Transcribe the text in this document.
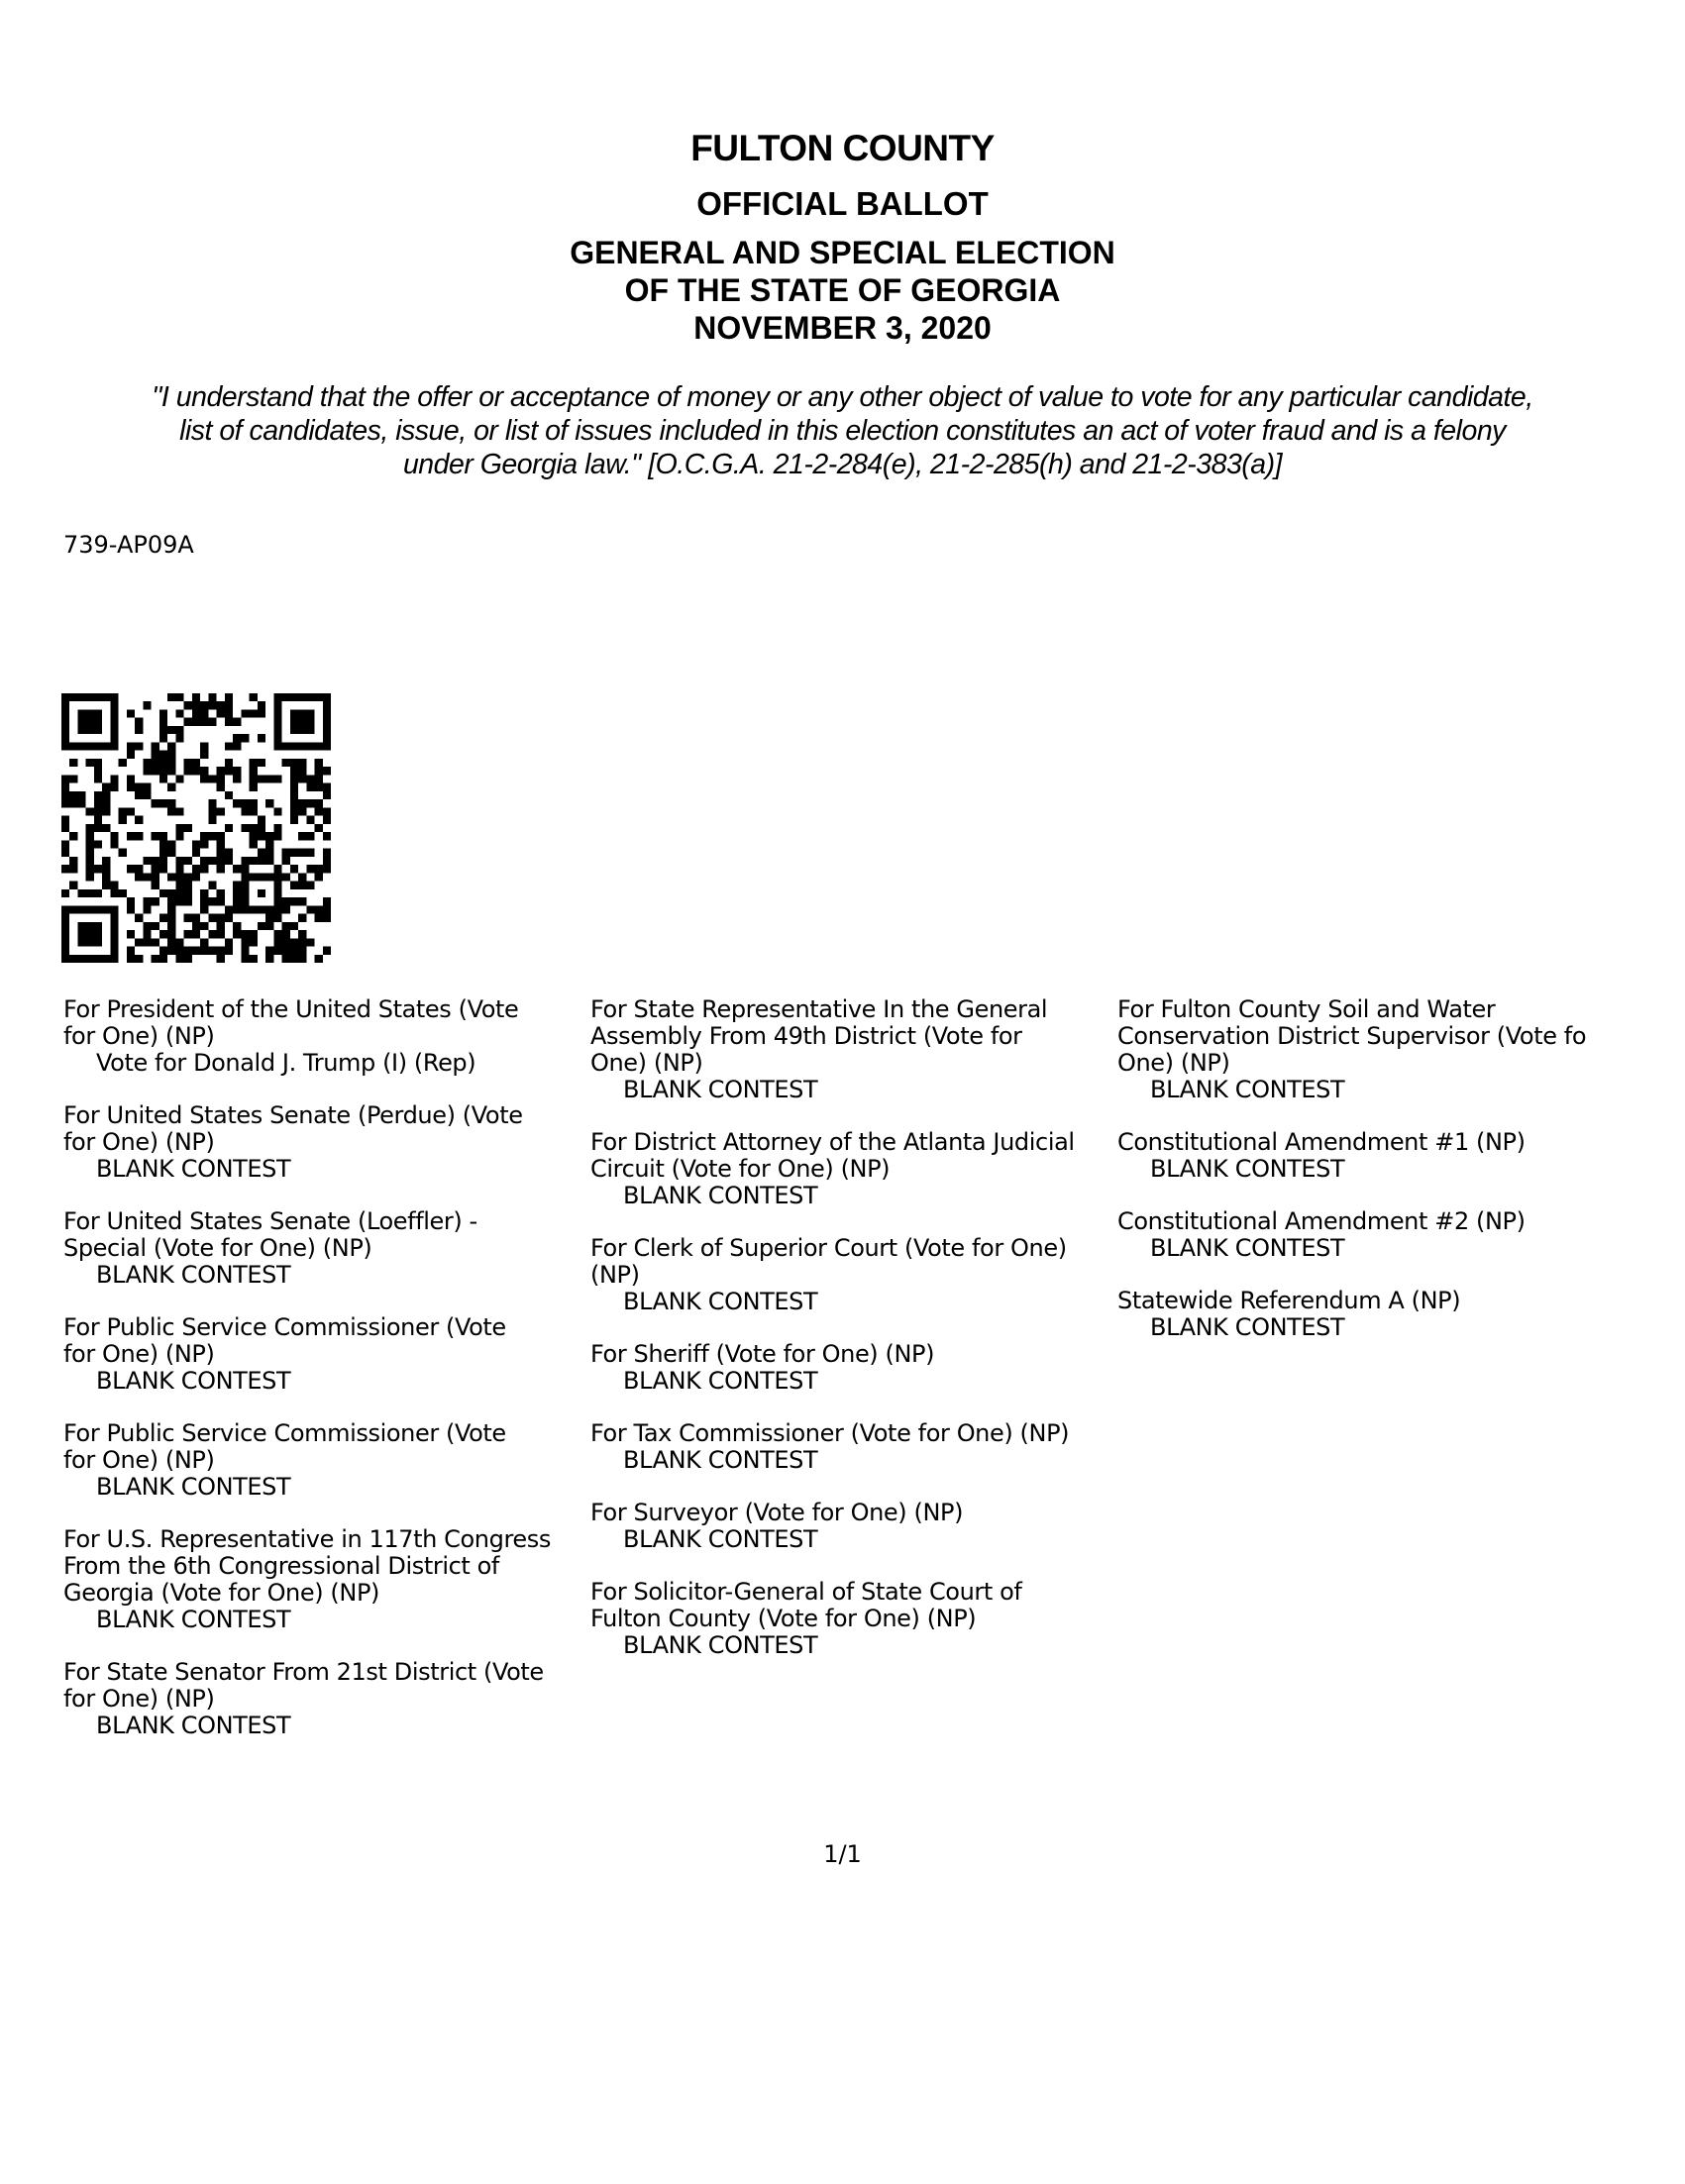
FULTON COUNTY
OFFICIAL BALLOT
GENERAL AND SPECIAL ELECTION
OF THE STATE OF GEORGIA
NOVEMBER 3, 2020
"I understand that the offer or acceptance of money or any other object of value to vote for any particular candidate,
list of candidates, issue, or list of issues included in this election constitutes an act of voter fraud and is a felony
under Georgia law." [O.C.G.A. 21-2-284(e), 21-2-285(h) and 21-2-383(a)]
739-AP09A
For President of the United States (Vote
for One) (NP)
Vote for Donald J. Trump (I) (Rep)
For United States Senate (Perdue) (Vote
for One) (NP)
BLANK CONTEST
For United States Senate (Loeffler) -
Special (Vote for One) (NP)
BLANK CONTEST
For Public Service Commissioner (Vote
for One) (NP)
BLANK CONTEST
For Public Service Commissioner (Vote
for One) (NP)
BLANK CONTEST
For U.S. Representative in 117th Congress
From the 6th Congressional District of
Georgia (Vote for One) (NP)
BLANK CONTEST
For State Senator From 21st District (Vote
for One) (NP)
BLANK CONTEST
For State Representative In the General
Assembly From 49th District (Vote for
One) (NP)
BLANK CONTEST
For District Attorney of the Atlanta Judicial
Circuit (Vote for One) (NP)
BLANK CONTEST
For Clerk of Superior Court (Vote for One)
(NP)
BLANK CONTEST
For Sheriff (Vote for One) (NP)
BLANK CONTEST
For Tax Commissioner (Vote for One) (NP)
BLANK CONTEST
For Surveyor (Vote for One) (NP)
BLANK CONTEST
For Solicitor-General of State Court of
Fulton County (Vote for One) (NP)
BLANK CONTEST
For Fulton County Soil and Water
Conservation District Supervisor (Vote fo
One) (NP)
BLANK CONTEST
Constitutional Amendment #1 (NP)
BLANK CONTEST
Constitutional Amendment #2 (NP)
BLANK CONTEST
Statewide Referendum A (NP)
BLANK CONTEST
1/1
